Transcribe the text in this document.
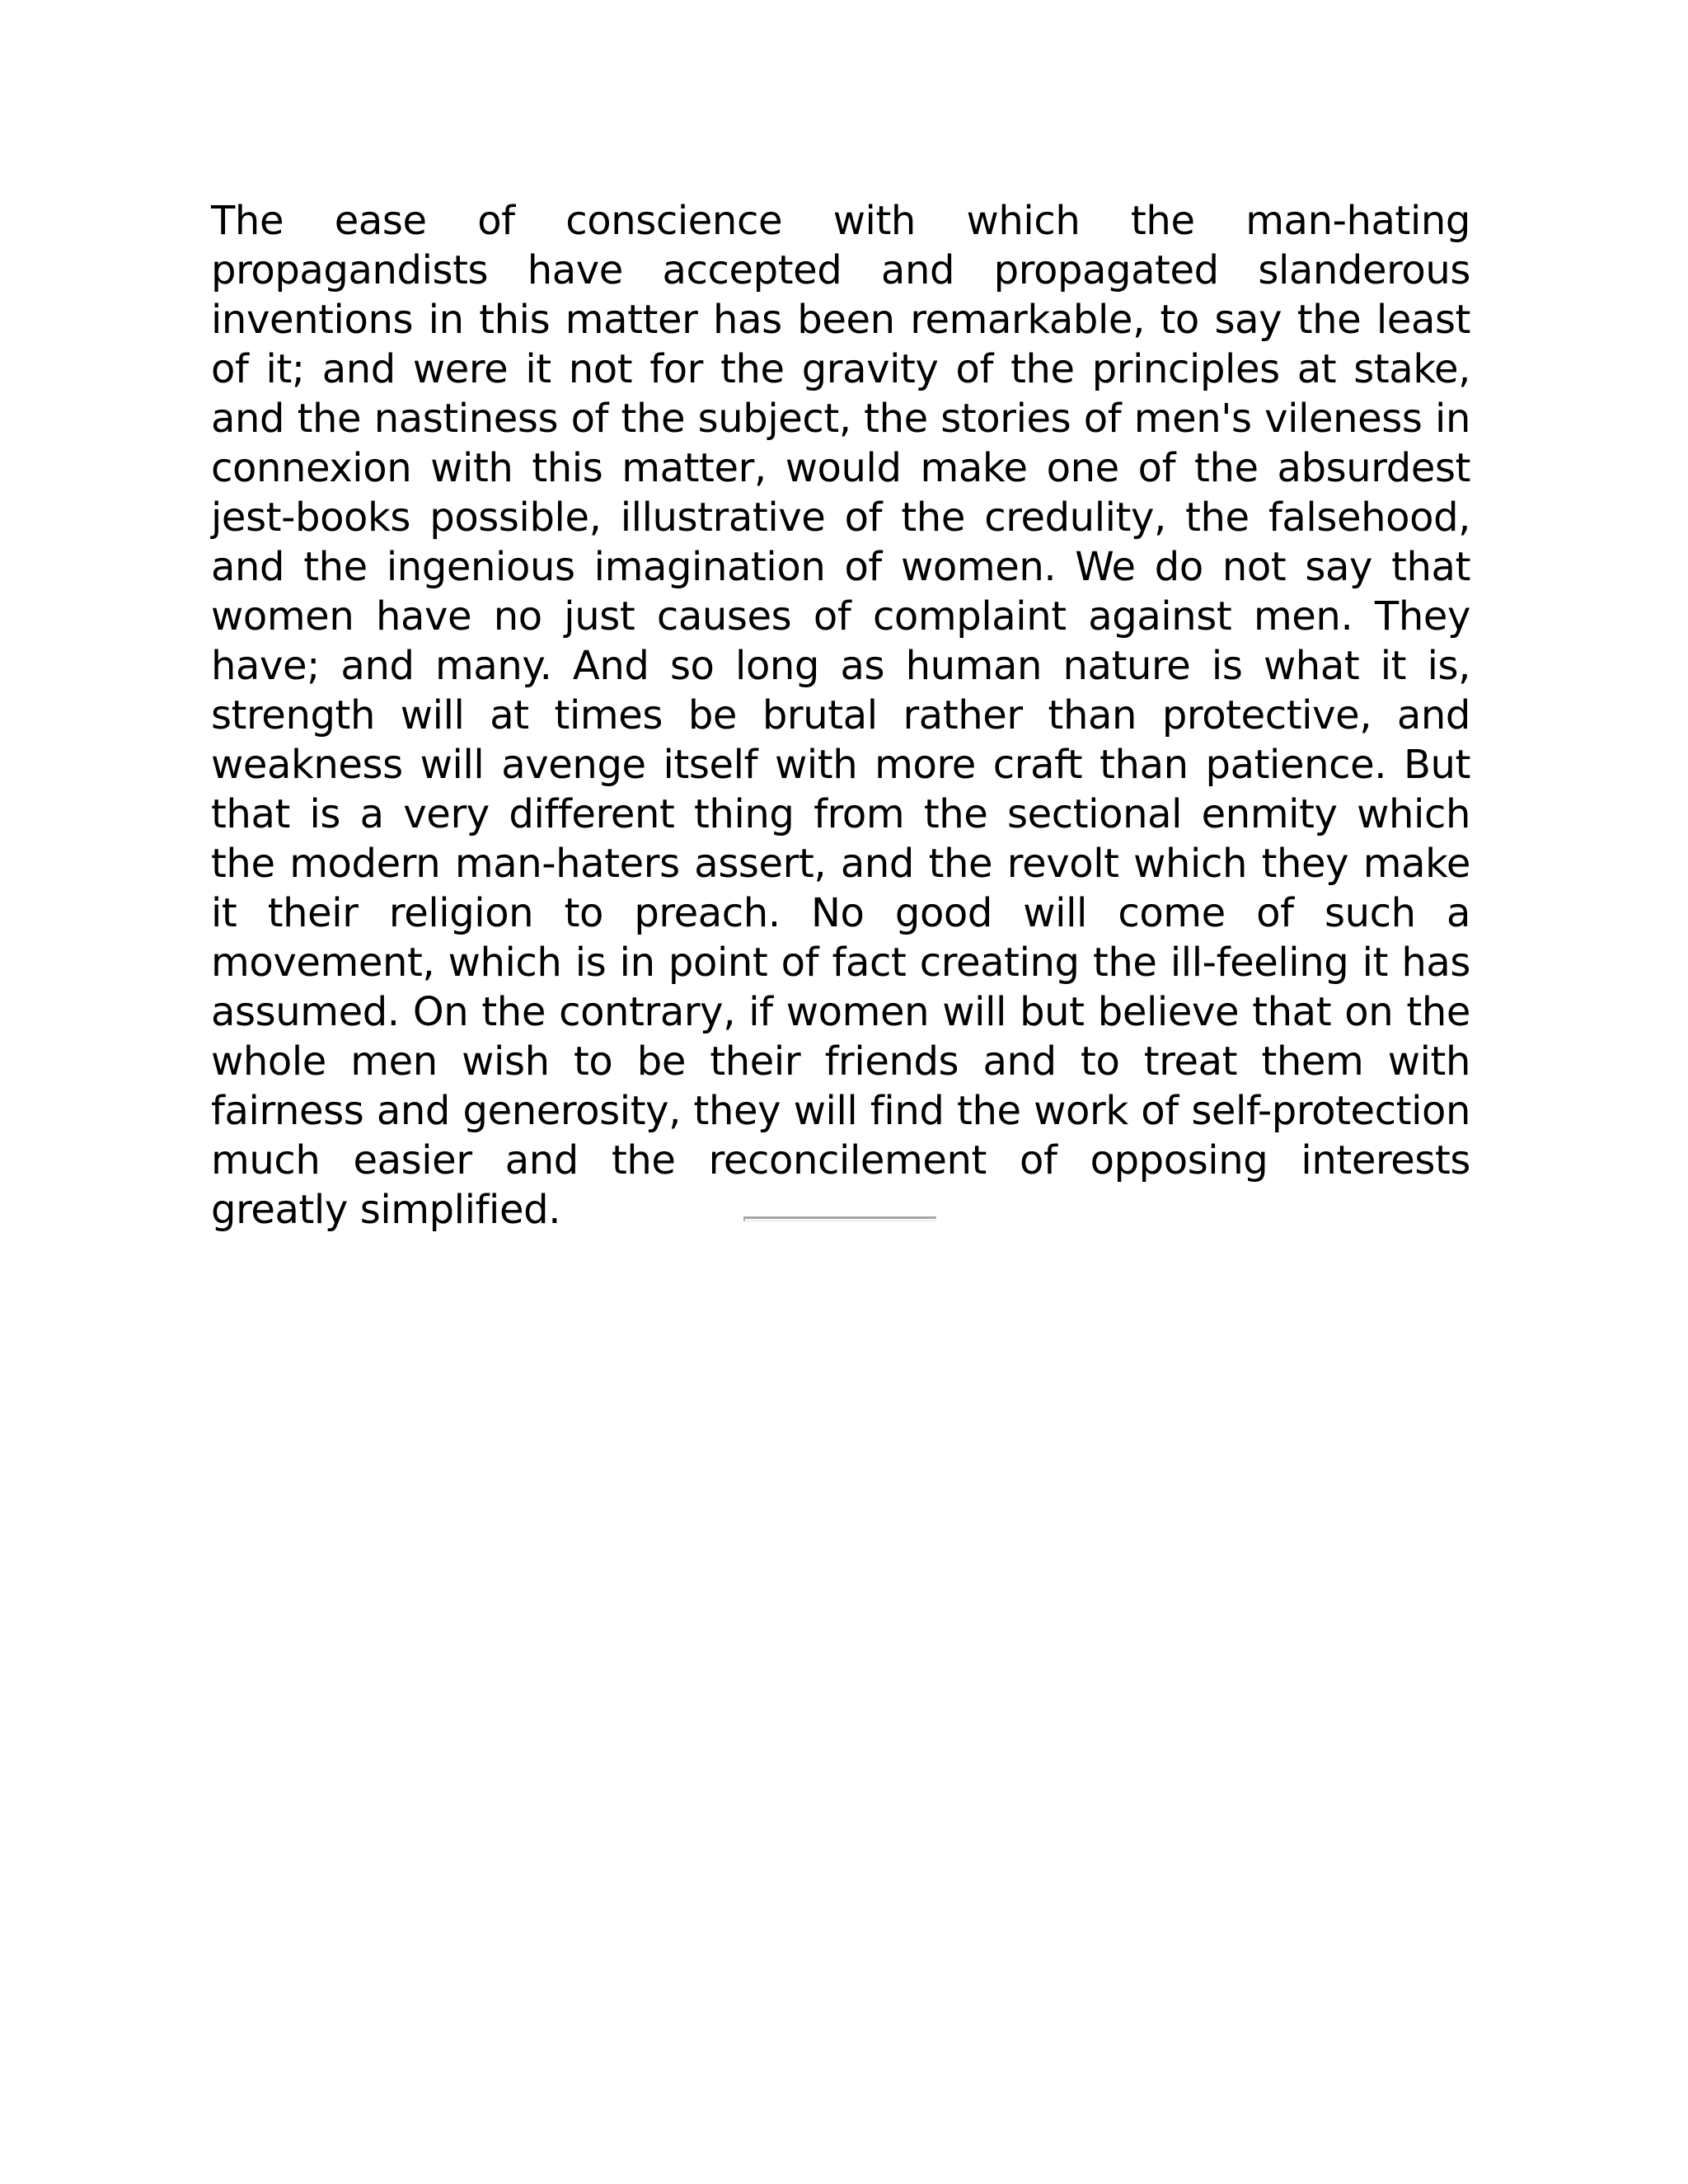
The ease of conscience with which the man-hating propagandists have accepted and propagated slanderous inventions in this matter has been remarkable, to say the least of it; and were it not for the gravity of the principles at stake, and the nastiness of the subject, the stories of men's vileness in connexion with this matter, would make one of the absurdest jest-books possible, illustrative of the credulity, the falsehood, and the ingenious imagination of women. We do not say that women have no just causes of complaint against men. They have; and many. And so long as human nature is what it is, strength will at times be brutal rather than protective, and weakness will avenge itself with more craft than patience. But that is a very different thing from the sectional enmity which the modern man-haters assert, and the revolt which they make it their religion to preach. No good will come of such a movement, which is in point of fact creating the ill-feeling it has assumed. On the contrary, if women will but believe that on the whole men wish to be their friends and to treat them with fairness and generosity, they will find the work of self-protection much easier and the reconcilement of opposing interests greatly simplified.
